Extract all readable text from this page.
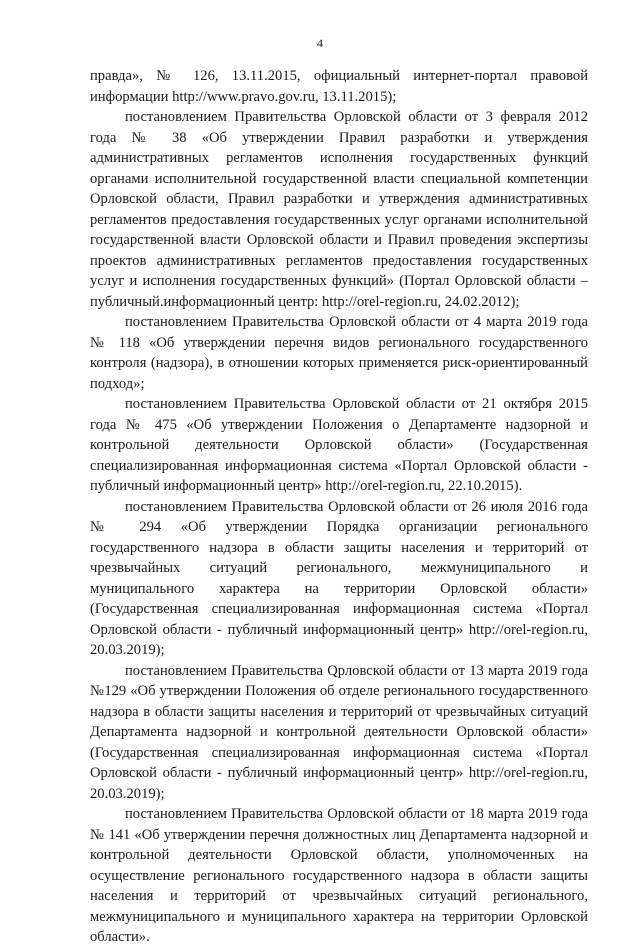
4

правда», № 126, 13.11.2015, официальный интернет-портал правовой информации http://www.pravo.gov.ru, 13.11.2015);

постановлением Правительства Орловской области от 3 февраля 2012 года № 38 «Об утверждении Правил разработки и утверждения административных регламентов исполнения государственных функций органами исполнительной государственной власти специальной компетенции Орловской области, Правил разработки и утверждения административных регламентов предоставления государственных услуг органами исполнительной государственной власти Орловской области и Правил проведения экспертизы проектов административных регламентов предоставления государственных услуг и исполнения государственных функций» (Портал Орловской области – публичный.информационный центр: http://orel-region.ru, 24.02.2012);

постановлением Правительства Орловской области от 4 марта 2019 года № 118 «Об утверждении перечня видов регионального государственного контроля (надзора), в отношении которых применяется риск-ориентированный подход»;

постановлением Правительства Орловской области от 21 октября 2015 года № 475 «Об утверждении Положения о Департаменте надзорной и контрольной деятельности Орловской области» (Государственная специализированная информационная система «Портал Орловской области - публичный информационный центр» http://orel-region.ru, 22.10.2015).

постановлением Правительства Орловской области от 26 июля 2016 года № 294 «Об утверждении Порядка организации регионального государственного надзора в области защиты населения и территорий от чрезвычайных ситуаций регионального, межмуниципального и муниципального характера на территории Орловской области» (Государственная специализированная информационная система «Портал Орловской области - публичный информационный центр» http://orel-region.ru, 20.03.2019);

постановлением Правительства Qрловской области от 13 марта 2019 года №129 «Об утверждении Положения об отделе регионального государственного надзора в области защиты населения и территорий от чрезвычайных ситуаций Департамента надзорной и контрольной деятельности Орловской области» (Государственная специализированная информационная система «Портал Орловской области - публичный информационный центр» http://orel-region.ru, 20.03.2019);

постановлением Правительства Орловской области от 18 марта 2019 года № 141 «Об утверждении перечня должностных лиц Департамента надзорной и контрольной деятельности Орловской области, уполномоченных на осуществление регионального государственного надзора в области защиты населения и территорий от чрезвычайных ситуаций регионального, межмуниципального и муниципального характера на территории Орловской области».
